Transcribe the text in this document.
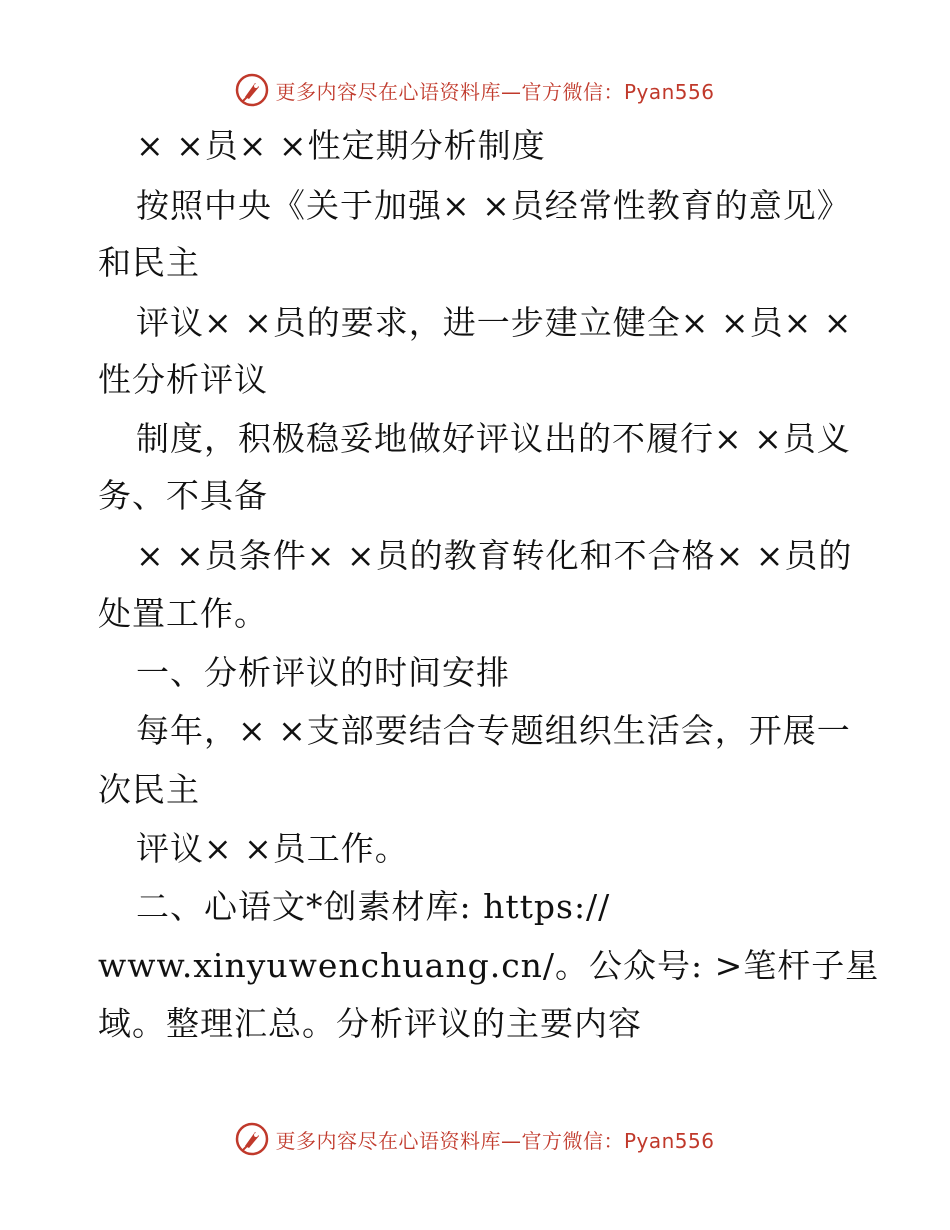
更多内容尽在心语资料库—官方微信：Pyan556
× ×员× ×性定期分析制度
按照中央《关于加强× ×员经常性教育的意见》
和民主
评议× ×员的要求，进一步建立健全× ×员× ×
性分析评议
制度，积极稳妥地做好评议出的不履行× ×员义
务、不具备
× ×员条件× ×员的教育转化和不合格× ×员的
处置工作。
一、分析评议的时间安排
每年，× ×支部要结合专题组织生活会，开展一
次民主
评议× ×员工作。
二、心语文*创素材库: https://
www.xinyuwenchuang.cn/。公众号: >笔杆子星
域。整理汇总。分析评议的主要内容
更多内容尽在心语资料库—官方微信：Pyan556
